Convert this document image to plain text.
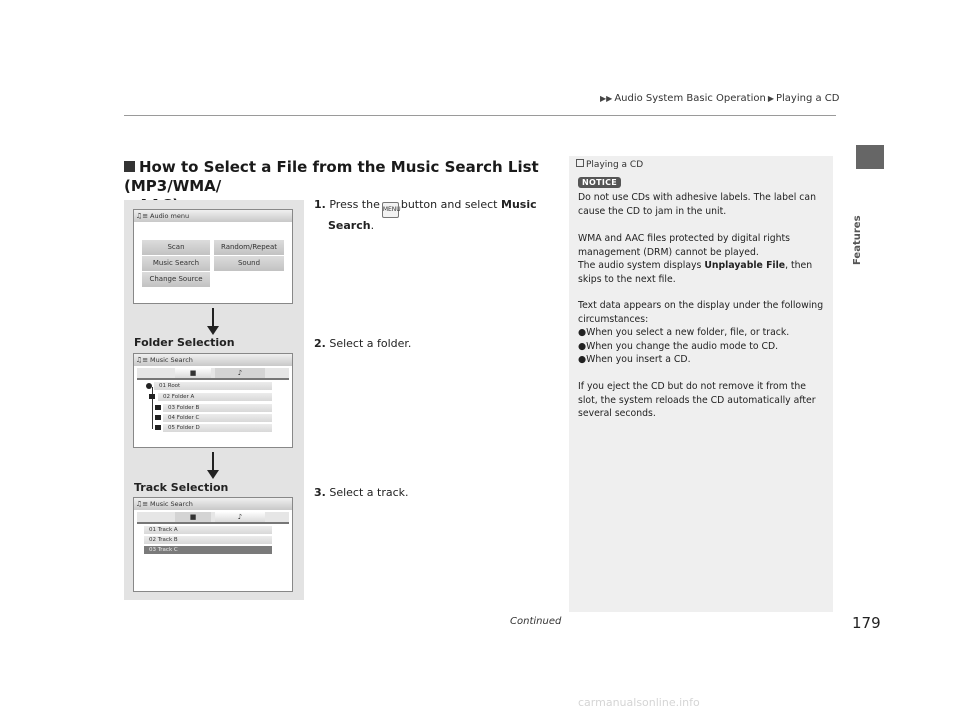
▶▶ Audio System Basic Operation ▶ Playing a CD
Features
How to Select a File from the Music Search List (MP3/WMA/

♫≡ Audio menu
Scan	Random/Repeat
Music Search	Sound
Change Source
Folder Selection
♫≡ Music Search
■	♪
01 Root
02 Folder A
03 Folder B
04 Folder C
05 Folder D
Track Selection
♫≡ Music Search
■	♪
01 Track A
02 Track B
03 Track C
1. Press the MENUbutton and select Music
Search.
2. Select a folder.
3. Select a track.
Playing a CD
NOTICE

Do not use CDs with adhesive labels. The label can cause the CD to jam in the unit.

WMA and AAC files protected by digital rights management (DRM) cannot be played.

The audio system displays Unplayable File, then skips to the next file.

Text data appears on the display under the following circumstances:

●When you select a new folder, file, or track.

●When you change the audio mode to CD.

●When you insert a CD.

If you eject the CD but do not remove it from the slot, the system reloads the CD automatically after several seconds.

Continued	179
carmanualsonline.info
